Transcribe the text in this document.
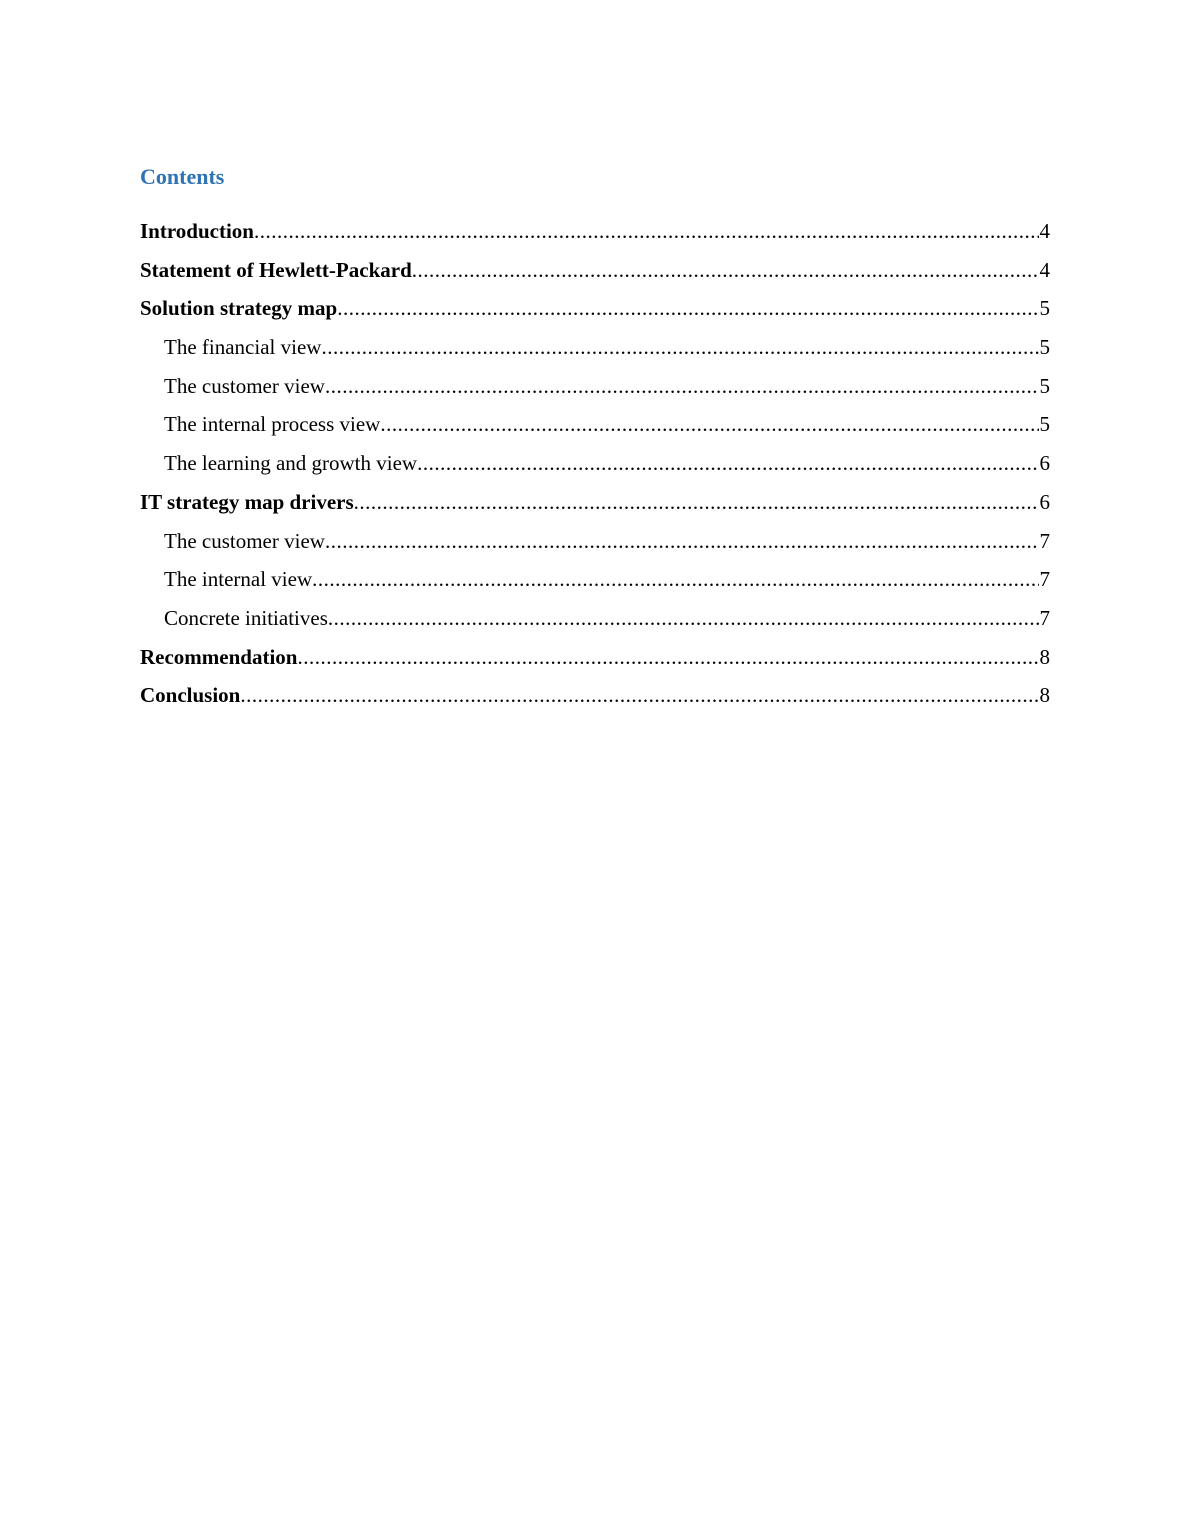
Contents
Introduction .....	4
Statement of Hewlett-Packard .....	4
Solution strategy map .....	5
The financial view .....	5
The customer view .....	5
The internal process view .....	5
The learning and growth view .....	6
IT strategy map drivers .....	6
The customer view .....	7
The internal view .....	7
Concrete initiatives .....	7
Recommendation .....	8
Conclusion .....	8
